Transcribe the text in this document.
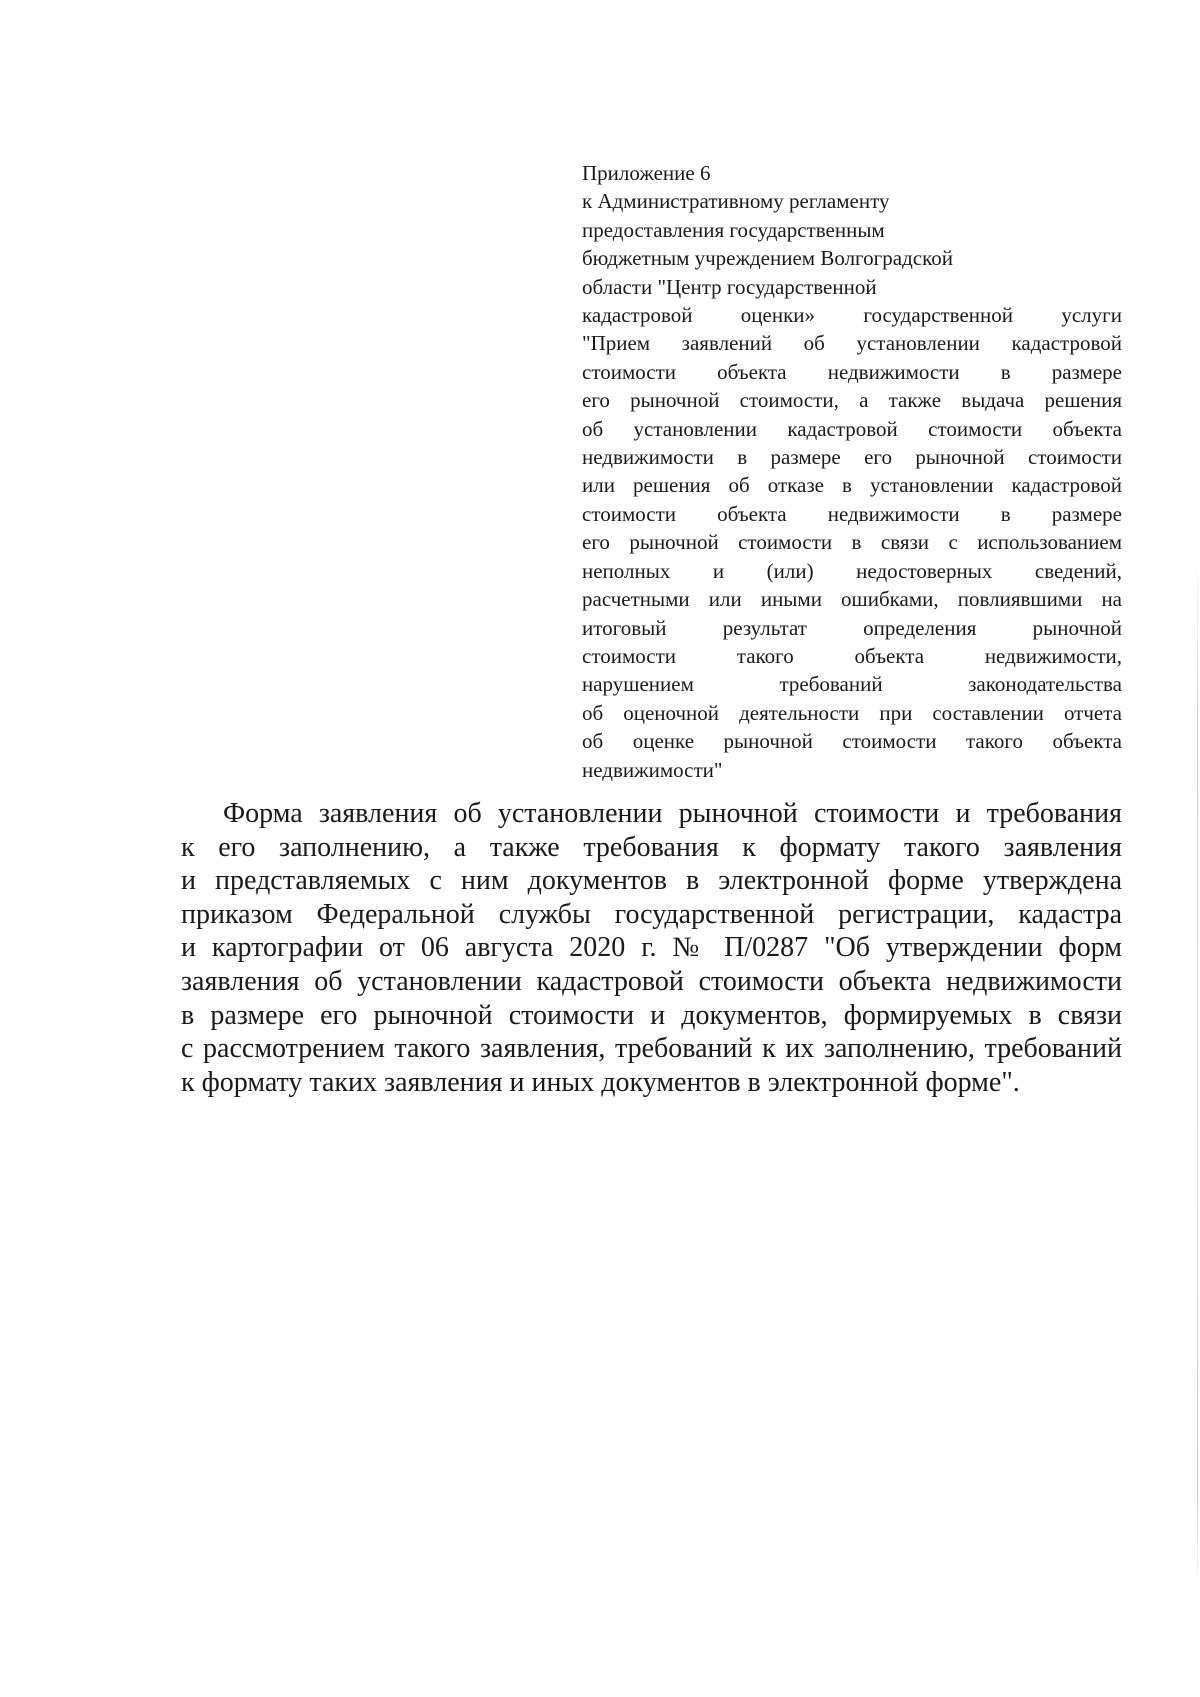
Приложение 6
к Административному регламенту
предоставления государственным
бюджетным учреждением Волгоградской
области "Центр государственной
кадастровой оценки» государственной услуги
"Прием заявлений об установлении кадастровой
стоимости объекта недвижимости в размере
его рыночной стоимости, а также выдача решения
об установлении кадастровой стоимости объекта
недвижимости в размере его рыночной стоимости
или решения об отказе в установлении кадастровой
стоимости объекта недвижимости в размере
его рыночной стоимости в связи с использованием
неполных и (или) недостоверных сведений,
расчетными или иными ошибками, повлиявшими на
итоговый результат определения рыночной
стоимости такого объекта недвижимости,
нарушением требований законодательства
об оценочной деятельности при составлении отчета
об оценке рыночной стоимости такого объекта
недвижимости"
Форма заявления об установлении рыночной стоимости и требования
к его заполнению, а также требования к формату такого заявления
и представляемых с ним документов в электронной форме утверждена
приказом Федеральной службы государственной регистрации, кадастра
и картографии от 06 августа 2020 г. № П/0287 "Об утверждении форм
заявления об установлении кадастровой стоимости объекта недвижимости
в размере его рыночной стоимости и документов, формируемых в связи
с рассмотрением такого заявления, требований к их заполнению, требований
к формату таких заявления и иных документов в электронной форме".
